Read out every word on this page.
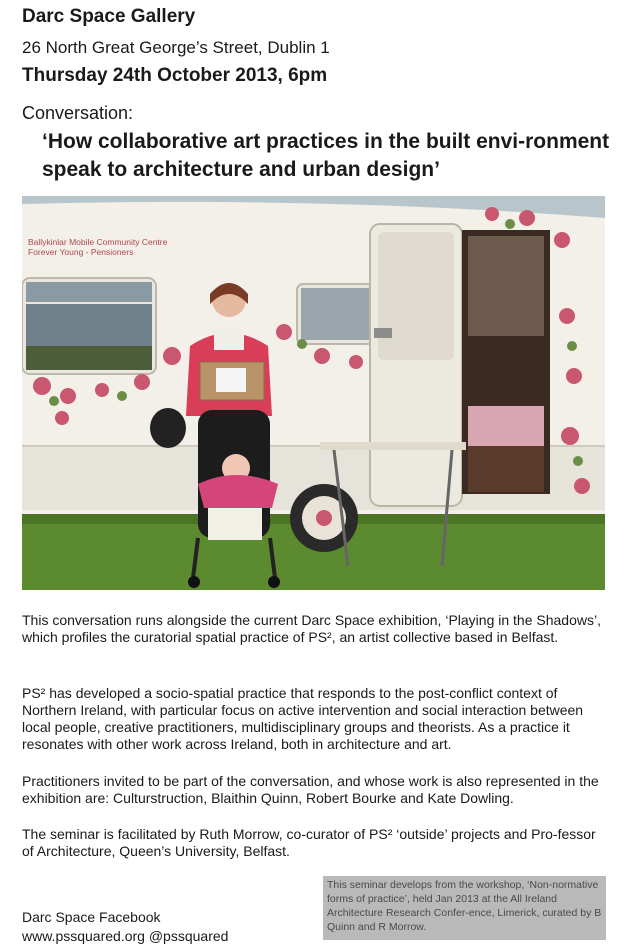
Darc Space Gallery
26 North Great George’s Street, Dublin 1
Thursday 24th October 2013, 6pm
Conversation:
‘How collaborative art practices in the built envi-ronment speak to architecture and urban design’
Ballykinlar Mobile Community Centre
Forever Young - Pensioners
This conversation runs alongside the current Darc Space exhibition, ‘Playing in the Shadows’, which profiles the curatorial spatial practice of PS², an artist collective based in Belfast.
PS² has developed a socio-spatial practice that responds to the post-conflict context of Northern Ireland, with particular focus on active intervention and social interaction between local people, creative practitioners, multidisciplinary groups and theorists. As a practice it resonates with other work across Ireland, both in architecture and art.
Practitioners invited to be part of the conversation, and whose work is also represented in the exhibition are: Culturstruction, Blaithin Quinn, Robert Bourke and Kate Dowling.
The seminar is facilitated by Ruth Morrow, co-curator of PS² ‘outside’ projects and Pro-fessor of Architecture, Queen’s University, Belfast.
Darc Space Facebook
www.pssquared.org @pssquared
This seminar develops from the workshop, ‘Non-normative forms of practice’, held Jan 2013 at the All Ireland Architecture Research Confer-ence, Limerick, curated by B Quinn and R Morrow.
